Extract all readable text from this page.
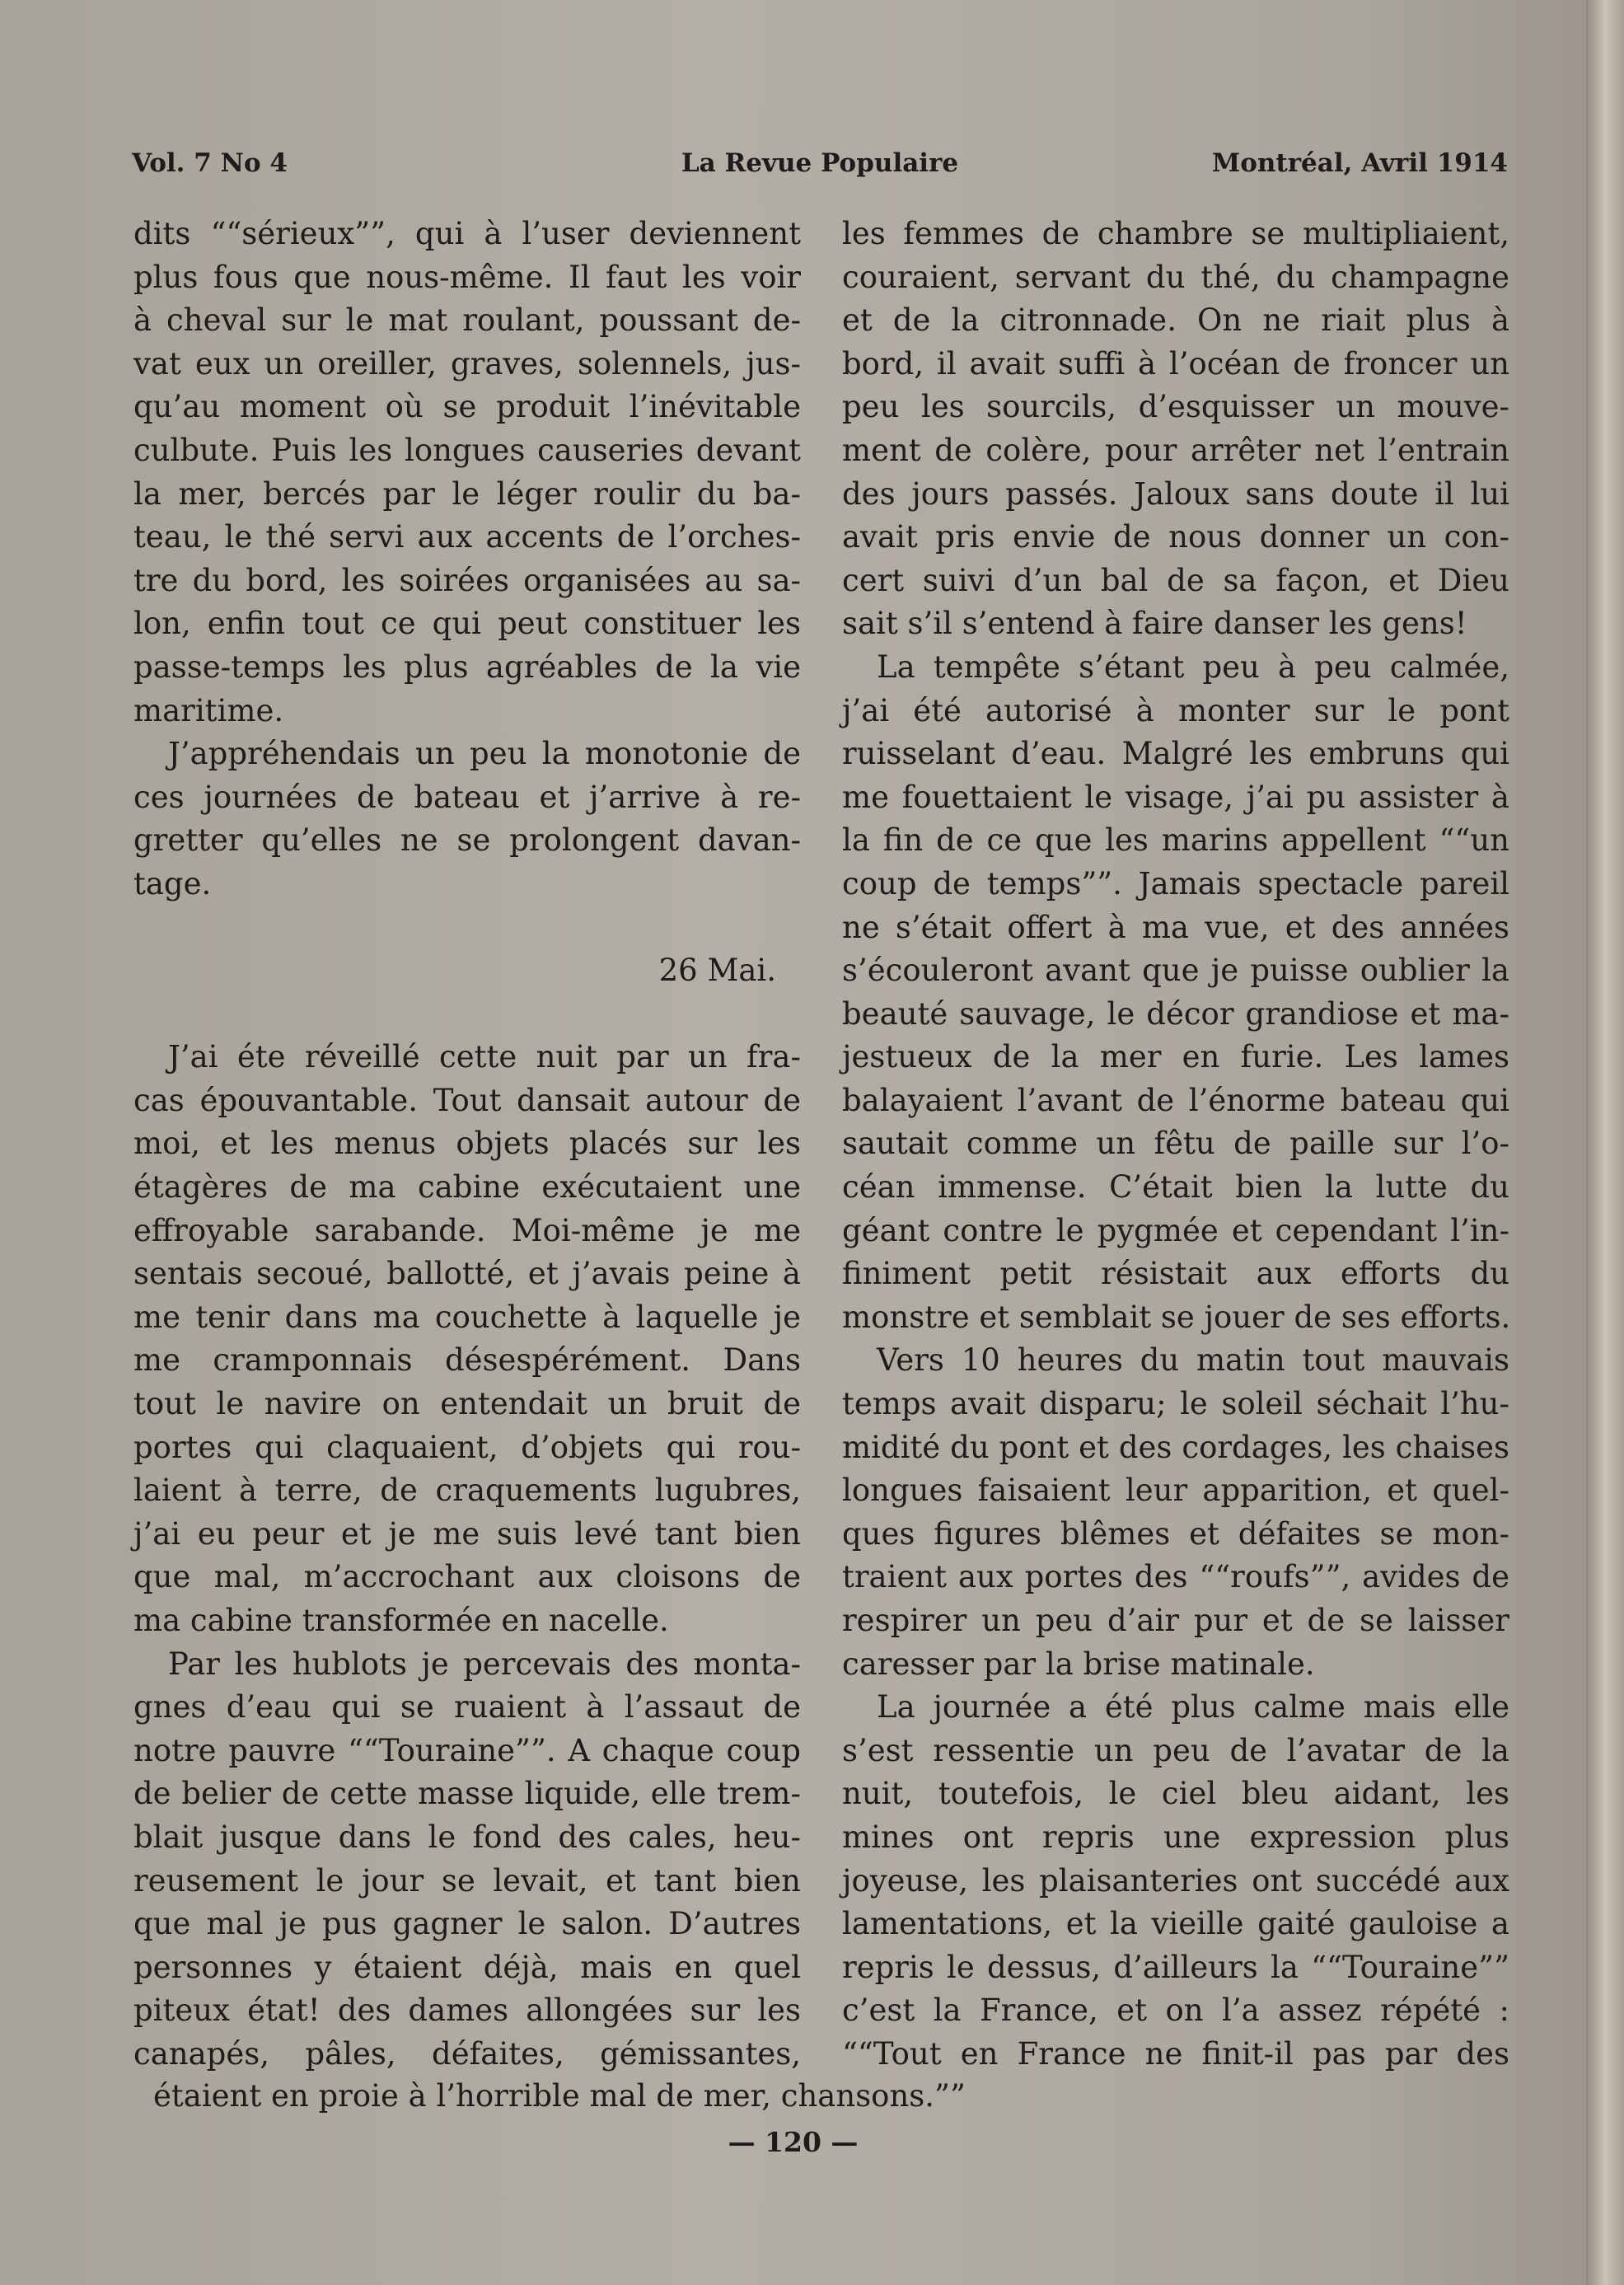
Vol. 7 No 4	La Revue Populaire	Montréal, Avril 1914
dits ““sérieux””, qui à l’user deviennent
plus fous que nous-même. Il faut les voir
à cheval sur le mat roulant, poussant de-
vat eux un oreiller, graves, solennels, jus-
qu’au moment où se produit l’inévitable
culbute. Puis les longues causeries devant
la mer, bercés par le léger roulir du ba-
teau, le thé servi aux accents de l’orches-
tre du bord, les soirées organisées au sa-
lon, enfin tout ce qui peut constituer les
passe-temps les plus agréables de la vie
maritime.
J’appréhendais un peu la monotonie de
ces journées de bateau et j’arrive à re-
gretter qu’elles ne se prolongent davan-
tage.
26 Mai.
J’ai éte réveillé cette nuit par un fra-
cas épouvantable. Tout dansait autour de
moi, et les menus objets placés sur les
étagères de ma cabine exécutaient une
effroyable sarabande. Moi-même je me
sentais secoué, ballotté, et j’avais peine à
me tenir dans ma couchette à laquelle je
me cramponnais désespérément. Dans
tout le navire on entendait un bruit de
portes qui claquaient, d’objets qui rou-
laient à terre, de craquements lugubres,
j’ai eu peur et je me suis levé tant bien
que mal, m’accrochant aux cloisons de
ma cabine transformée en nacelle.
Par les hublots je percevais des monta-
gnes d’eau qui se ruaient à l’assaut de
notre pauvre ““Touraine””. A chaque coup
de belier de cette masse liquide, elle trem-
blait jusque dans le fond des cales, heu-
reusement le jour se levait, et tant bien
que mal je pus gagner le salon. D’autres
personnes y étaient déjà, mais en quel
piteux état! des dames allongées sur les
canapés, pâles, défaites, gémissantes,
les femmes de chambre se multipliaient,
couraient, servant du thé, du champagne
et de la citronnade. On ne riait plus à
bord, il avait suffi à l’océan de froncer un
peu les sourcils, d’esquisser un mouve-
ment de colère, pour arrêter net l’entrain
des jours passés. Jaloux sans doute il lui
avait pris envie de nous donner un con-
cert suivi d’un bal de sa façon, et Dieu
sait s’il s’entend à faire danser les gens!
La tempête s’étant peu à peu calmée,
j’ai été autorisé à monter sur le pont
ruisselant d’eau. Malgré les embruns qui
me fouettaient le visage, j’ai pu assister à
la fin de ce que les marins appellent ““un
coup de temps””. Jamais spectacle pareil
ne s’était offert à ma vue, et des années
s’écouleront avant que je puisse oublier la
beauté sauvage, le décor grandiose et ma-
jestueux de la mer en furie. Les lames
balayaient l’avant de l’énorme bateau qui
sautait comme un fêtu de paille sur l’o-
céan immense. C’était bien la lutte du
géant contre le pygmée et cependant l’in-
finiment petit résistait aux efforts du
monstre et semblait se jouer de ses efforts.
Vers 10 heures du matin tout mauvais
temps avait disparu; le soleil séchait l’hu-
midité du pont et des cordages, les chaises
longues faisaient leur apparition, et quel-
ques figures blêmes et défaites se mon-
traient aux portes des ““roufs””, avides de
respirer un peu d’air pur et de se laisser
caresser par la brise matinale.
La journée a été plus calme mais elle
s’est ressentie un peu de l’avatar de la
nuit, toutefois, le ciel bleu aidant, les
mines ont repris une expression plus
joyeuse, les plaisanteries ont succédé aux
lamentations, et la vieille gaité gauloise a
repris le dessus, d’ailleurs la ““Touraine””
c’est la France, et on l’a assez répété :
““Tout en France ne finit-il pas par des
étaient en proie à l’horrible mal de mer, chansons.””
— 120 —
